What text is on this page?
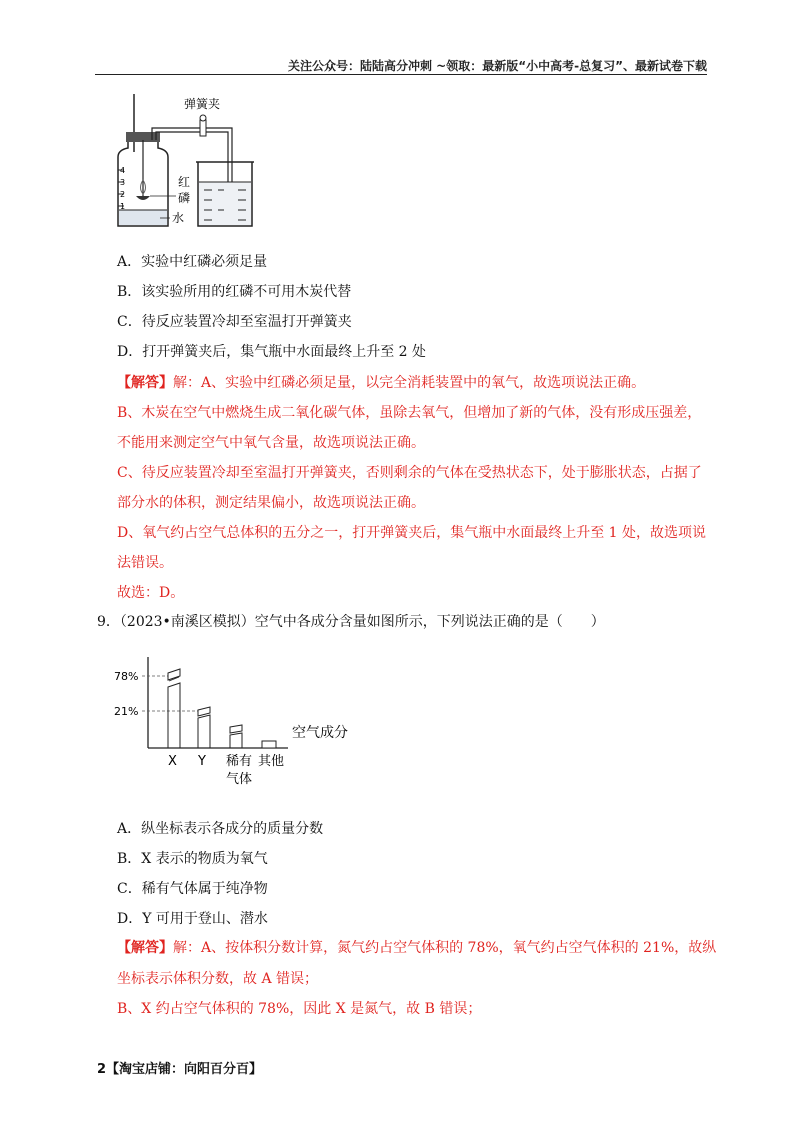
关注公众号：陆陆高分冲刺 ~领取：最新版“小中高考-总复习”、最新试卷下载
1
2
3
4
弹簧夹
红
磷
水
A．实验中红磷必须足量
B．该实验所用的红磷不可用木炭代替
C．待反应装置冷却至室温打开弹簧夹
D．打开弹簧夹后，集气瓶中水面最终上升至 2 处
【解答】解：A、实验中红磷必须足量，以完全消耗装置中的氧气，故选项说法正确。
B、木炭在空气中燃烧生成二氧化碳气体，虽除去氧气，但增加了新的气体，没有形成压强差，
不能用来测定空气中氧气含量，故选项说法正确。
C、待反应装置冷却至室温打开弹簧夹，否则剩余的气体在受热状态下，处于膨胀状态，占据了
部分水的体积，测定结果偏小，故选项说法正确。
D、氧气约占空气总体积的五分之一，打开弹簧夹后，集气瓶中水面最终上升至 1 处，故选项说
法错误。
故选：D。
9．（2023•南溪区模拟）空气中各成分含量如图所示，下列说法正确的是（　　）
78%
21%
空气成分
X Y 稀有
气体
其他
A．纵坐标表示各成分的质量分数
B．X 表示的物质为氧气
C．稀有气体属于纯净物
D．Y 可用于登山、潜水
【解答】解：A、按体积分数计算，氮气约占空气体积的 78%，氧气约占空气体积的 21%，故纵
坐标表示体积分数，故 A 错误；
B、X 约占空气体积的 78%，因此 X 是氮气，故 B 错误；
2【淘宝店铺：向阳百分百】
